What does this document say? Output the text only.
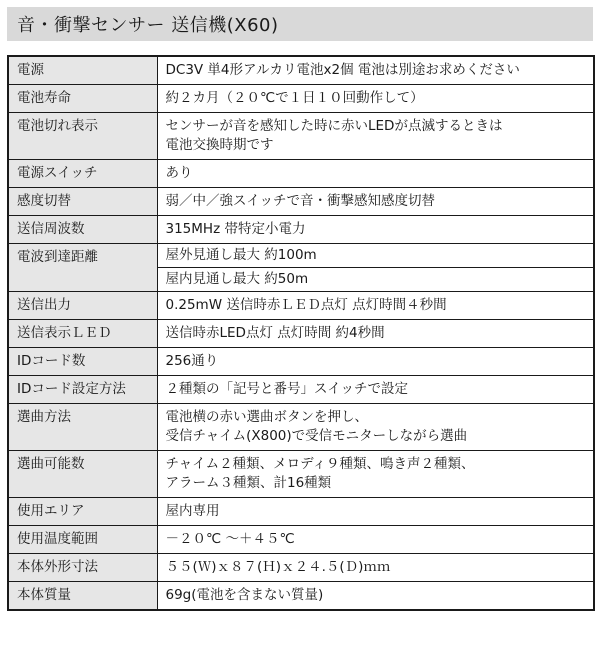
音・衝撃センサー 送信機(X60)
電源	DC3V 単4形アルカリ電池x2個 電池は別途お求めください

電池寿命	約２カ月（２０℃で１日１０回動作して）

電池切れ表示	センサーが音を感知した時に赤いLEDが点滅するときは
電池交換時期です

電源スイッチ	あり

感度切替	弱／中／強スイッチで音・衝撃感知感度切替

送信周波数	315MHz 帯特定小電力

電波到達距離	屋外見通し最大 約100m

	屋内見通し最大 約50m

送信出力	0.25mW 送信時赤ＬＥＤ点灯 点灯時間４秒間

送信表示ＬＥＤ	送信時赤LED点灯 点灯時間 約4秒間

IDコード数	256通り

IDコード設定方法	２種類の「記号と番号」スイッチで設定

選曲方法	電池横の赤い選曲ボタンを押し、
受信チャイム(X800)で受信モニターしながら選曲

選曲可能数	チャイム２種類、メロディ９種類、鳴き声２種類、
アラーム３種類、計16種類

使用エリア	屋内専用

使用温度範囲	－２０℃ ～＋４５℃

本体外形寸法	５５(Ｗ)ｘ８７(Ｈ)ｘ２４.５(Ｄ)ｍｍ

本体質量	69g(電池を含まない質量)
